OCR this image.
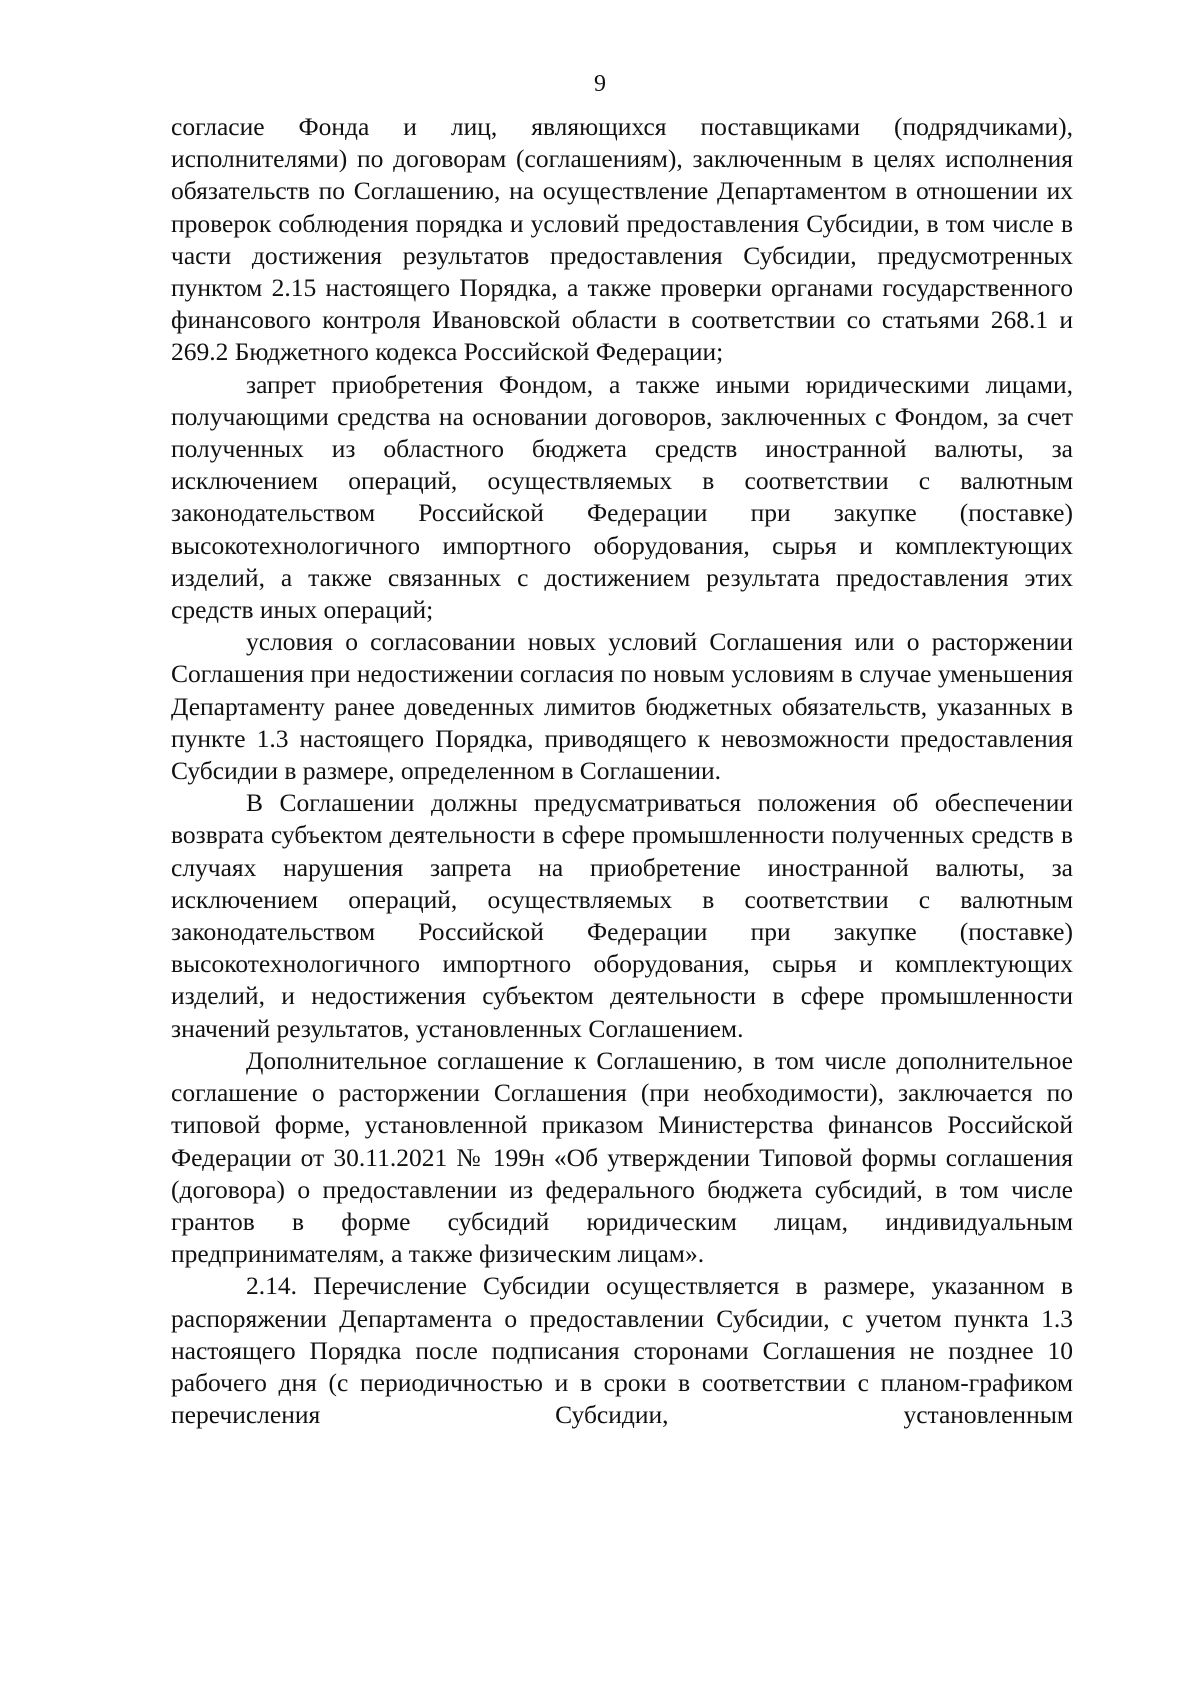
9

согласие Фонда и лиц, являющихся поставщиками (подрядчиками), исполнителями) по договорам (соглашениям), заключенным в целях исполнения обязательств по Соглашению, на осуществление Департаментом в отношении их проверок соблюдения порядка и условий предоставления Субсидии, в том числе в части достижения результатов предоставления Субсидии, предусмотренных пунктом 2.15 настоящего Порядка, а также проверки органами государственного финансового контроля Ивановской области в соответствии со статьями 268.1 и 269.2 Бюджетного кодекса Российской Федерации;

запрет приобретения Фондом, а также иными юридическими лицами, получающими средства на основании договоров, заключенных с Фондом, за счет полученных из областного бюджета средств иностранной валюты, за исключением операций, осуществляемых в соответствии с валютным законодательством Российской Федерации при закупке (поставке) высокотехнологичного импортного оборудования, сырья и комплектующих изделий, а также связанных с достижением результата предоставления этих средств иных операций;

условия о согласовании новых условий Соглашения или о расторжении Соглашения при недостижении согласия по новым условиям в случае уменьшения Департаменту ранее доведенных лимитов бюджетных обязательств, указанных в пункте 1.3 настоящего Порядка, приводящего к невозможности предоставления Субсидии в размере, определенном в Соглашении.

В Соглашении должны предусматриваться положения об обеспечении возврата субъектом деятельности в сфере промышленности полученных средств в случаях нарушения запрета на приобретение иностранной валюты, за исключением операций, осуществляемых в соответствии с валютным законодательством Российской Федерации при закупке (поставке) высокотехнологичного импортного оборудования, сырья и комплектующих изделий, и недостижения субъектом деятельности в сфере промышленности значений результатов, установленных Соглашением.

Дополнительное соглашение к Соглашению, в том числе дополнительное соглашение о расторжении Соглашения (при необходимости), заключается по типовой форме, установленной приказом Министерства финансов Российской Федерации от 30.11.2021 № 199н «Об утверждении Типовой формы соглашения (договора) о предоставлении из федерального бюджета субсидий, в том числе грантов в форме субсидий юридическим лицам, индивидуальным предпринимателям, а также физическим лицам».

2.14. Перечисление Субсидии осуществляется в размере, указанном в распоряжении Департамента о предоставлении Субсидии, с учетом пункта 1.3 настоящего Порядка после подписания сторонами Соглашения не позднее 10 рабочего дня (с периодичностью и в сроки в соответствии с планом-графиком перечисления Субсидии, установленным
